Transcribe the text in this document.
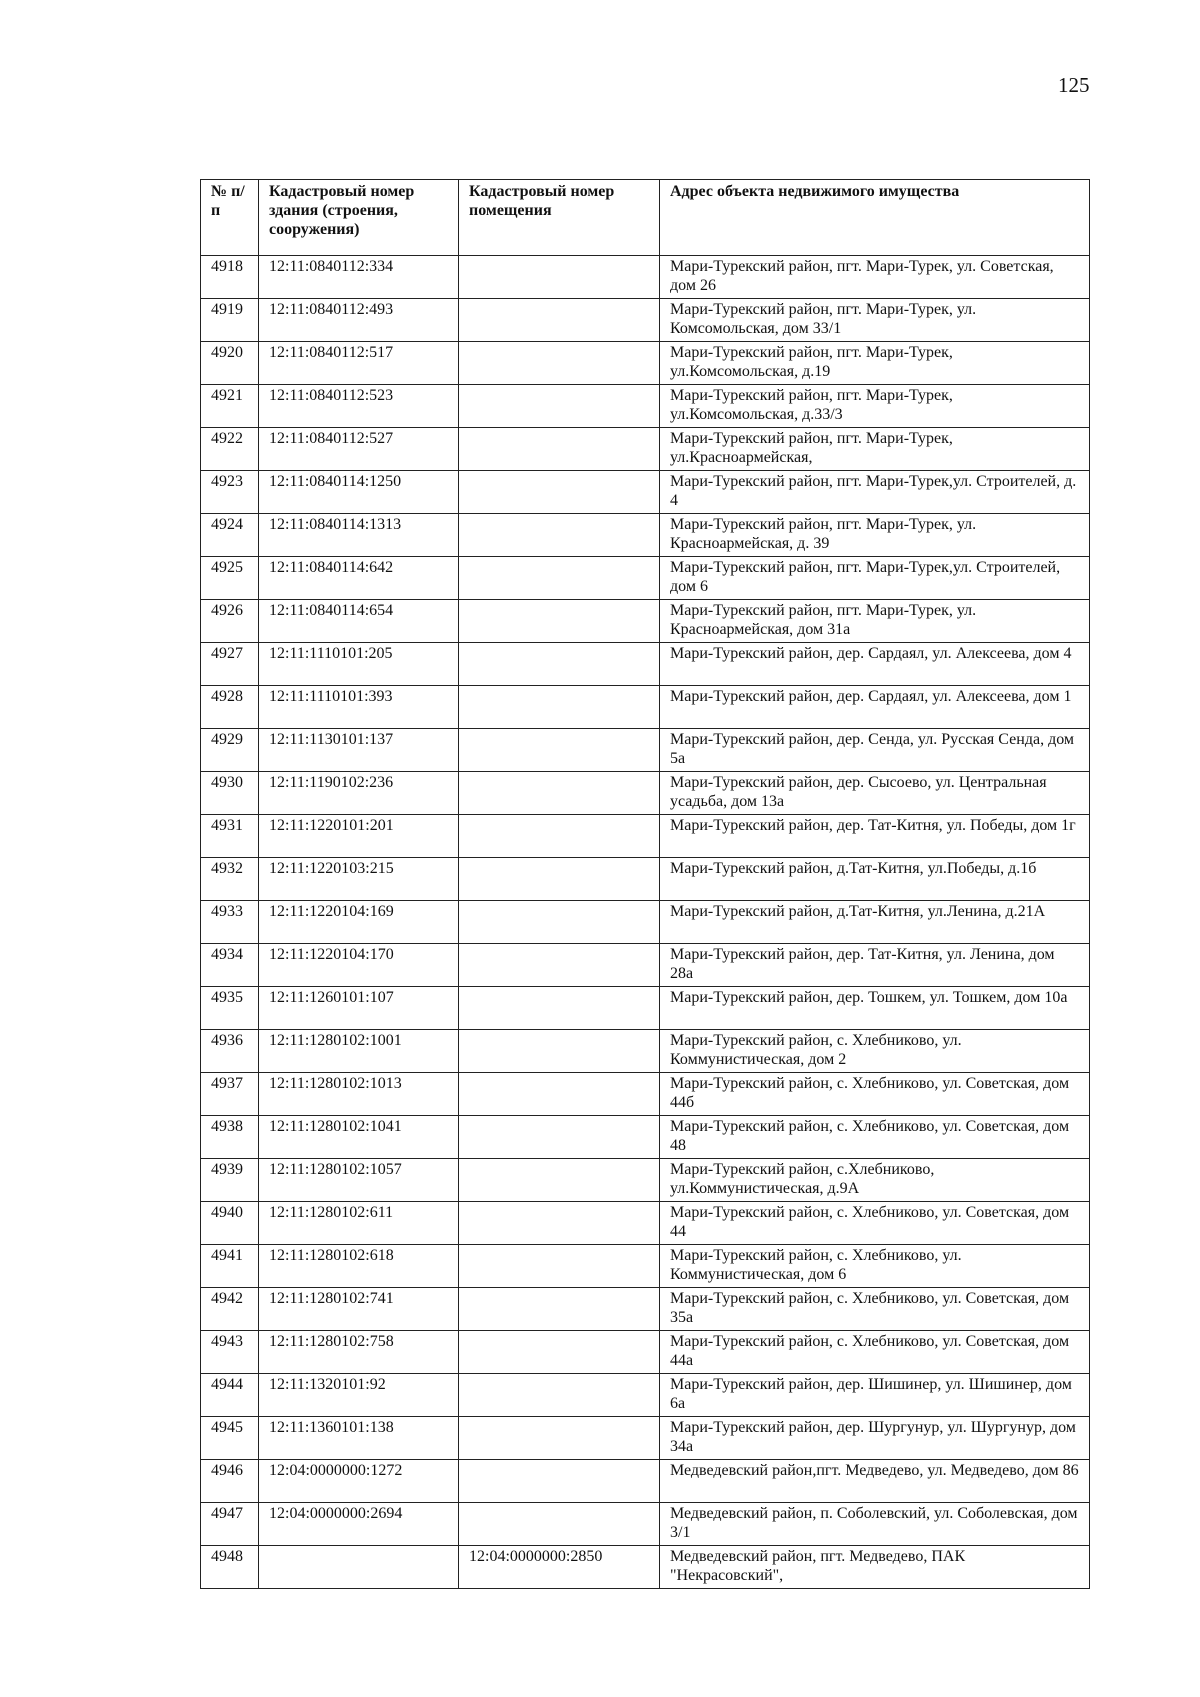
125
№ п/п	Кадастровый номер здания (строения, сооружения)	Кадастровый номер помещения	Адрес объекта недвижимого имущества
4918	12:11:0840112:334		Мари-Турекский район, пгт. Мари-Турек, ул. Советская, дом 26
4919	12:11:0840112:493		Мари-Турекский район, пгт. Мари-Турек, ул. Комсомольская, дом 33/1
4920	12:11:0840112:517		Мари-Турекский район, пгт. Мари-Турек, ул.Комсомольская, д.19
4921	12:11:0840112:523		Мари-Турекский район, пгт. Мари-Турек, ул.Комсомольская, д.33/3
4922	12:11:0840112:527		Мари-Турекский район, пгт. Мари-Турек, ул.Красноармейская,
4923	12:11:0840114:1250		Мари-Турекский район, пгт. Мари-Турек,ул. Строителей, д. 4
4924	12:11:0840114:1313		Мари-Турекский район, пгт. Мари-Турек, ул. Красноармейская, д. 39
4925	12:11:0840114:642		Мари-Турекский район, пгт. Мари-Турек,ул. Строителей, дом 6
4926	12:11:0840114:654		Мари-Турекский район, пгт. Мари-Турек, ул. Красноармейская, дом 31а
4927	12:11:1110101:205		Мари-Турекский район, дер. Сардаял, ул. Алексеева, дом 4
4928	12:11:1110101:393		Мари-Турекский район, дер. Сардаял, ул. Алексеева, дом 1
4929	12:11:1130101:137		Мари-Турекский район, дер. Сенда, ул. Русская Сенда, дом 5а
4930	12:11:1190102:236		Мари-Турекский район, дер. Сысоево, ул. Центральная усадьба, дом 13а
4931	12:11:1220101:201		Мари-Турекский район, дер. Тат-Китня, ул. Победы, дом 1г
4932	12:11:1220103:215		Мари-Турекский район, д.Тат-Китня, ул.Победы, д.1б
4933	12:11:1220104:169		Мари-Турекский район, д.Тат-Китня, ул.Ленина, д.21А
4934	12:11:1220104:170		Мари-Турекский район, дер. Тат-Китня, ул. Ленина, дом 28а
4935	12:11:1260101:107		Мари-Турекский район, дер. Тошкем, ул. Тошкем, дом 10а
4936	12:11:1280102:1001		Мари-Турекский район, с. Хлебниково, ул. Коммунистическая, дом 2
4937	12:11:1280102:1013		Мари-Турекский район, с. Хлебниково, ул. Советская, дом 44б
4938	12:11:1280102:1041		Мари-Турекский район, с. Хлебниково, ул. Советская, дом 48
4939	12:11:1280102:1057		Мари-Турекский район, с.Хлебниково, ул.Коммунистическая, д.9А
4940	12:11:1280102:611		Мари-Турекский район, с. Хлебниково, ул. Советская, дом 44
4941	12:11:1280102:618		Мари-Турекский район, с. Хлебниково, ул. Коммунистическая, дом 6
4942	12:11:1280102:741		Мари-Турекский район, с. Хлебниково, ул. Советская, дом 35а
4943	12:11:1280102:758		Мари-Турекский район, с. Хлебниково, ул. Советская, дом 44а
4944	12:11:1320101:92		Мари-Турекский район, дер. Шишинер, ул. Шишинер, дом 6а
4945	12:11:1360101:138		Мари-Турекский район, дер. Шургунур, ул. Шургунур, дом 34а
4946	12:04:0000000:1272		Медведевский район,пгт. Медведево, ул. Медведево, дом 86
4947	12:04:0000000:2694		Медведевский район, п. Соболевский, ул. Соболевская, дом 3/1
4948		12:04:0000000:2850	Медведевский район, пгт. Медведево, ПАК "Некрасовский",
